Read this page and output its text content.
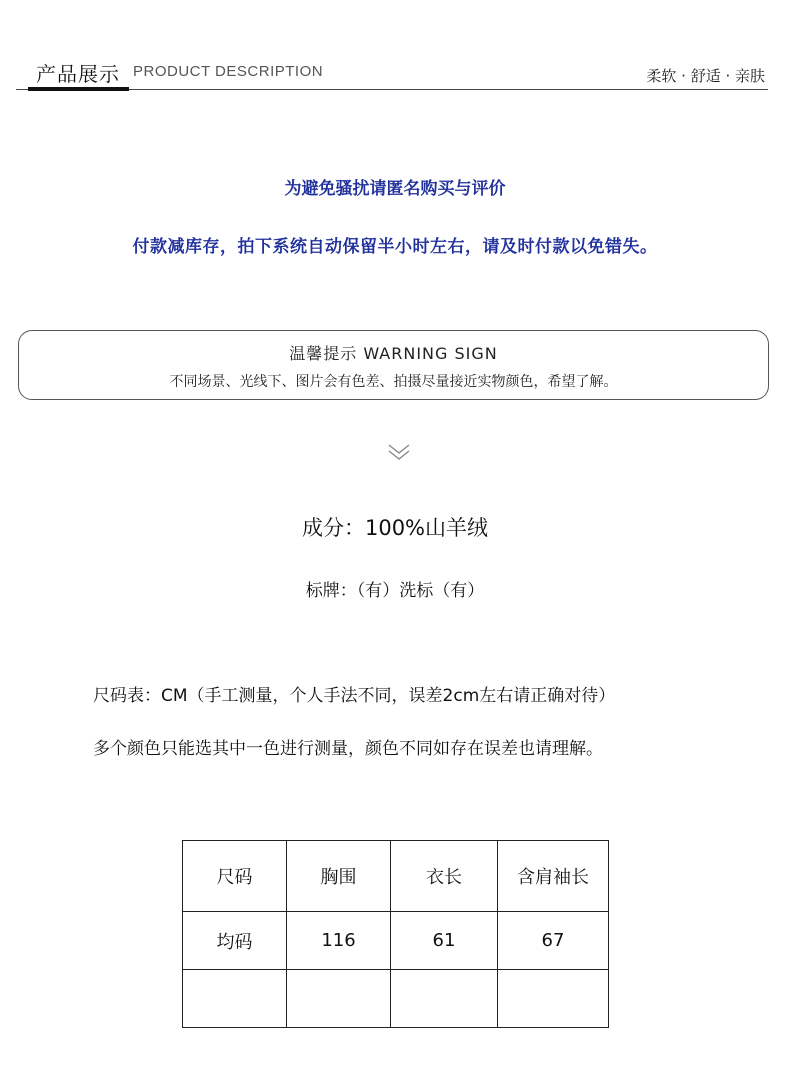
产品展示 PRODUCT DESCRIPTION	柔软 · 舒适 · 亲肤
为避免骚扰请匿名购买与评价
付款减库存，拍下系统自动保留半小时左右，请及时付款以免错失。
温馨提示 WARNING SIGN
不同场景、光线下、图片会有色差、拍摄尽量接近实物颜色，希望了解。
成分：100%山羊绒
标牌：（有）洗标（有）
尺码表：CM（手工测量，个人手法不同，误差2cm左右请正确对待）
多个颜色只能选其中一色进行测量，颜色不同如存在误差也请理解。
尺码	胸围	衣长	含肩袖长
均码	116	61	67
